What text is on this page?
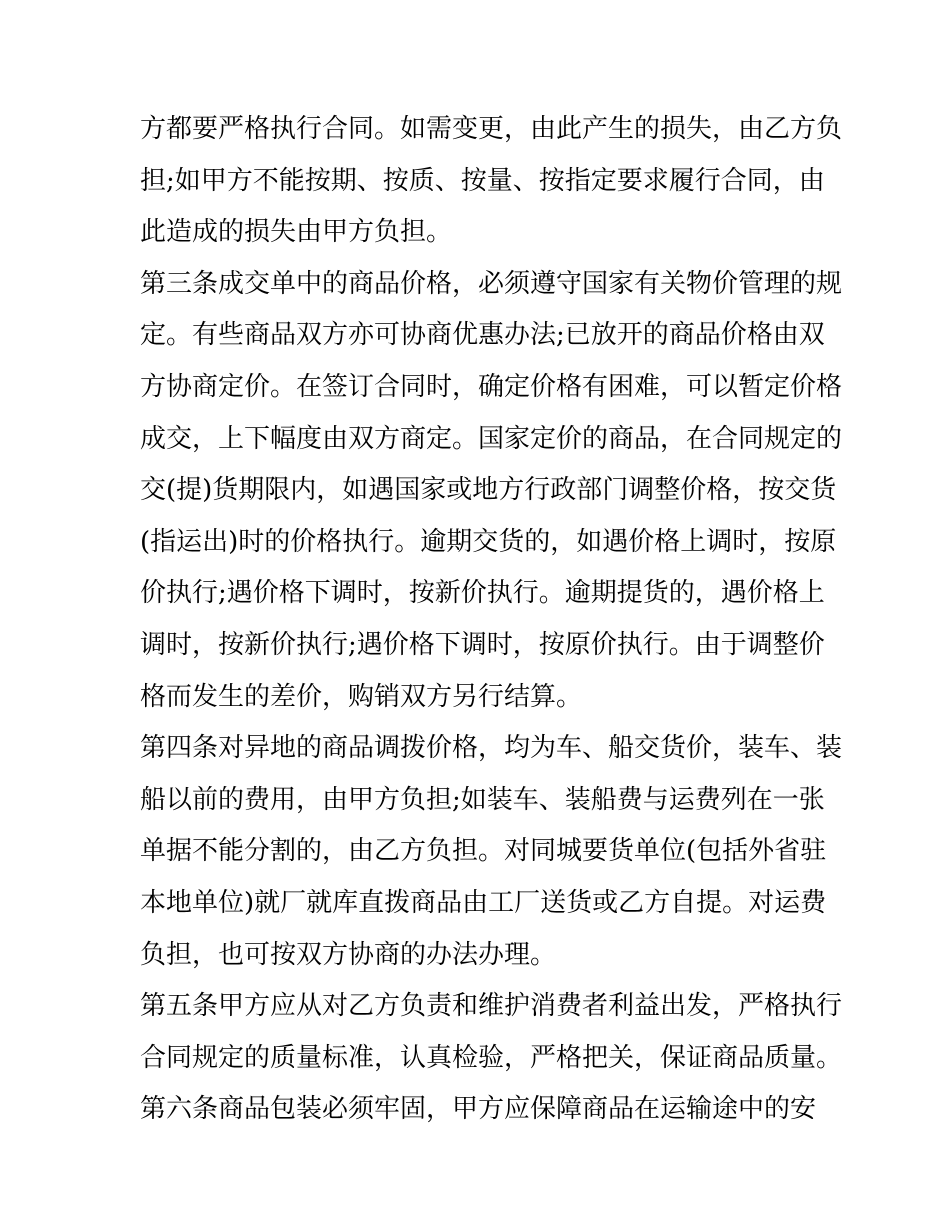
方都要严格执行合同。如需变更，由此产生的损失，由乙方负
担;如甲方不能按期、按质、按量、按指定要求履行合同，由
此造成的损失由甲方负担。
第三条成交单中的商品价格，必须遵守国家有关物价管理的规
定。有些商品双方亦可协商优惠办法;已放开的商品价格由双
方协商定价。在签订合同时，确定价格有困难，可以暂定价格
成交，上下幅度由双方商定。国家定价的商品，在合同规定的
交(提)货期限内，如遇国家或地方行政部门调整价格，按交货
(指运出)时的价格执行。逾期交货的，如遇价格上调时，按原
价执行;遇价格下调时，按新价执行。逾期提货的，遇价格上
调时，按新价执行;遇价格下调时，按原价执行。由于调整价
格而发生的差价，购销双方另行结算。
第四条对异地的商品调拨价格，均为车、船交货价，装车、装
船以前的费用，由甲方负担;如装车、装船费与运费列在一张
单据不能分割的，由乙方负担。对同城要货单位(包括外省驻
本地单位)就厂就库直拨商品由工厂送货或乙方自提。对运费
负担，也可按双方协商的办法办理。
第五条甲方应从对乙方负责和维护消费者利益出发，严格执行
合同规定的质量标准，认真检验，严格把关，保证商品质量。
第六条商品包装必须牢固，甲方应保障商品在运输途中的安
